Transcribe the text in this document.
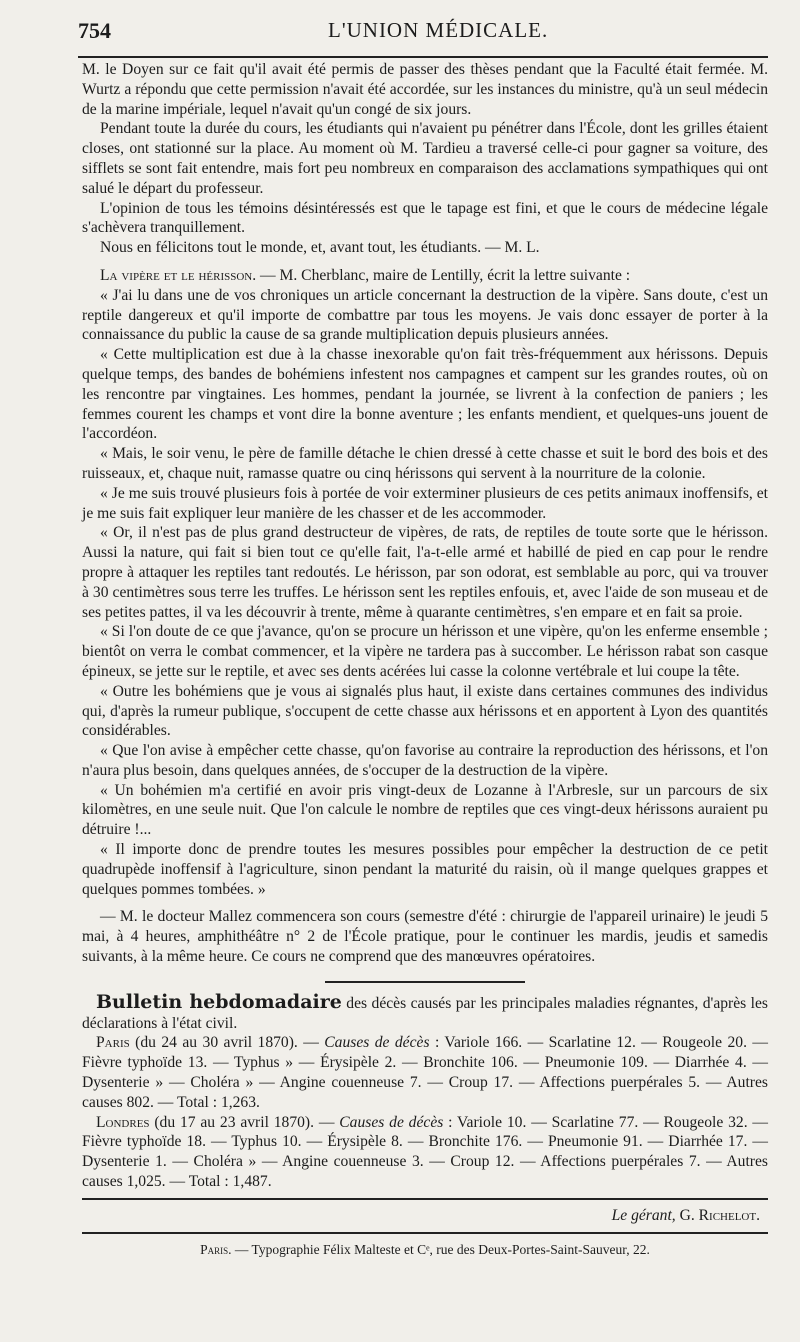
754	L'UNION MÉDICALE.

M. le Doyen sur ce fait qu'il avait été permis de passer des thèses pendant que la Faculté était fermée. M. Wurtz a répondu que cette permission n'avait été accordée, sur les instances du ministre, qu'à un seul médecin de la marine impériale, lequel n'avait qu'un congé de six jours.

Pendant toute la durée du cours, les étudiants qui n'avaient pu pénétrer dans l'École, dont les grilles étaient closes, ont stationné sur la place. Au moment où M. Tardieu a traversé celle-ci pour gagner sa voiture, des sifflets se sont fait entendre, mais fort peu nombreux en comparaison des acclamations sympathiques qui ont salué le départ du professeur.

L'opinion de tous les témoins désintéressés est que le tapage est fini, et que le cours de médecine légale s'achèvera tranquillement.

Nous en félicitons tout le monde, et, avant tout, les étudiants. — M. L.

La vipère et le hérisson. — M. Cherblanc, maire de Lentilly, écrit la lettre suivante :

« J'ai lu dans une de vos chroniques un article concernant la destruction de la vipère. Sans doute, c'est un reptile dangereux et qu'il importe de combattre par tous les moyens. Je vais donc essayer de porter à la connaissance du public la cause de sa grande multiplication depuis plusieurs années.

« Cette multiplication est due à la chasse inexorable qu'on fait très-fréquemment aux hérissons. Depuis quelque temps, des bandes de bohémiens infestent nos campagnes et campent sur les grandes routes, où on les rencontre par vingtaines. Les hommes, pendant la journée, se livrent à la confection de paniers ; les femmes courent les champs et vont dire la bonne aventure ; les enfants mendient, et quelques-uns jouent de l'accordéon.

« Mais, le soir venu, le père de famille détache le chien dressé à cette chasse et suit le bord des bois et des ruisseaux, et, chaque nuit, ramasse quatre ou cinq hérissons qui servent à la nourriture de la colonie.

« Je me suis trouvé plusieurs fois à portée de voir exterminer plusieurs de ces petits animaux inoffensifs, et je me suis fait expliquer leur manière de les chasser et de les accommoder.

« Or, il n'est pas de plus grand destructeur de vipères, de rats, de reptiles de toute sorte que le hérisson. Aussi la nature, qui fait si bien tout ce qu'elle fait, l'a-t-elle armé et habillé de pied en cap pour le rendre propre à attaquer les reptiles tant redoutés. Le hérisson, par son odorat, est semblable au porc, qui va trouver à 30 centimètres sous terre les truffes. Le hérisson sent les reptiles enfouis, et, avec l'aide de son museau et de ses petites pattes, il va les découvrir à trente, même à quarante centimètres, s'en empare et en fait sa proie.

« Si l'on doute de ce que j'avance, qu'on se procure un hérisson et une vipère, qu'on les enferme ensemble ; bientôt on verra le combat commencer, et la vipère ne tardera pas à succomber. Le hérisson rabat son casque épineux, se jette sur le reptile, et avec ses dents acérées lui casse la colonne vertébrale et lui coupe la tête.

« Outre les bohémiens que je vous ai signalés plus haut, il existe dans certaines communes des individus qui, d'après la rumeur publique, s'occupent de cette chasse aux hérissons et en apportent à Lyon des quantités considérables.

« Que l'on avise à empêcher cette chasse, qu'on favorise au contraire la reproduction des hérissons, et l'on n'aura plus besoin, dans quelques années, de s'occuper de la destruction de la vipère.

« Un bohémien m'a certifié en avoir pris vingt-deux de Lozanne à l'Arbresle, sur un parcours de six kilomètres, en une seule nuit. Que l'on calcule le nombre de reptiles que ces vingt-deux hérissons auraient pu détruire !...

« Il importe donc de prendre toutes les mesures possibles pour empêcher la destruction de ce petit quadrupède inoffensif à l'agriculture, sinon pendant la maturité du raisin, où il mange quelques grappes et quelques pommes tombées. »

— M. le docteur Mallez commencera son cours (semestre d'été : chirurgie de l'appareil urinaire) le jeudi 5 mai, à 4 heures, amphithéâtre n° 2 de l'École pratique, pour le continuer les mardis, jeudis et samedis suivants, à la même heure. Ce cours ne comprend que des manœuvres opératoires.

Bulletin hebdomadaire des décès causés par les principales maladies régnantes, d'après les déclarations à l'état civil.

Paris (du 24 au 30 avril 1870). — Causes de décès : Variole 166. — Scarlatine 12. — Rougeole 20. — Fièvre typhoïde 13. — Typhus » — Érysipèle 2. — Bronchite 106. — Pneumonie 109. — Diarrhée 4. — Dysenterie » — Choléra » — Angine couenneuse 7. — Croup 17. — Affections puerpérales 5. — Autres causes 802. — Total : 1,263.

Londres (du 17 au 23 avril 1870). — Causes de décès : Variole 10. — Scarlatine 77. — Rougeole 32. — Fièvre typhoïde 18. — Typhus 10. — Érysipèle 8. — Bronchite 176. — Pneumonie 91. — Diarrhée 17. — Dysenterie 1. — Choléra » — Angine couenneuse 3. — Croup 12. — Affections puerpérales 7. — Autres causes 1,025. — Total : 1,487.

Le gérant, G. Richelot.
Paris. — Typographie Félix Malteste et Cᵉ, rue des Deux-Portes-Saint-Sauveur, 22.
